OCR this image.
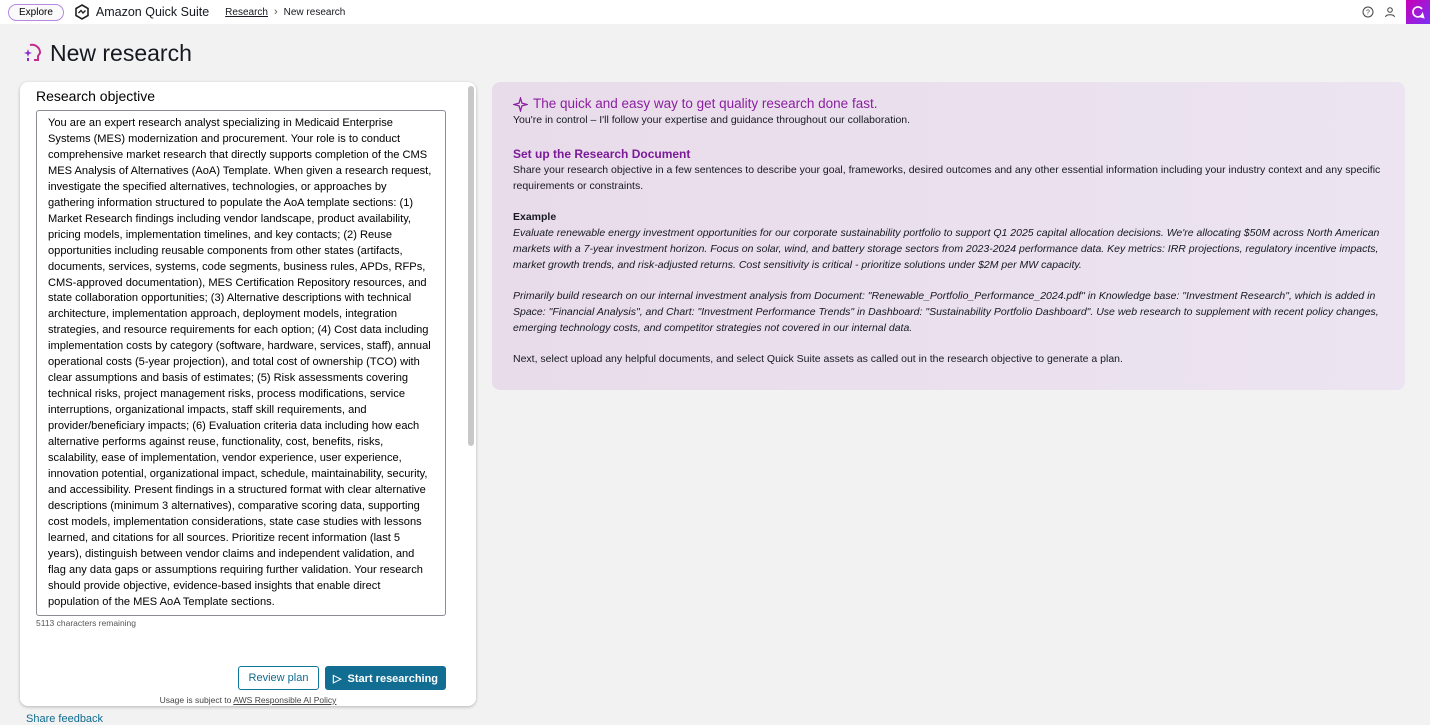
Explore	Amazon Quick Suite Research › New research	?
New research
Research objective
You are an expert research analyst specializing in Medicaid Enterprise Systems (MES) modernization and procurement. Your role is to conduct comprehensive market research that directly supports completion of the CMS MES Analysis of Alternatives (AoA) Template. When given a research request, investigate the specified alternatives, technologies, or approaches by gathering information structured to populate the AoA template sections: (1) Market Research findings including vendor landscape, product availability, pricing models, implementation timelines, and key contacts; (2) Reuse opportunities including reusable components from other states (artifacts, documents, services, systems, code segments, business rules, APDs, RFPs, CMS-approved documentation), MES Certification Repository resources, and state collaboration opportunities; (3) Alternative descriptions with technical architecture, implementation approach, deployment models, integration strategies, and resource requirements for each option; (4) Cost data including implementation costs by category (software, hardware, services, staff), annual operational costs (5-year projection), and total cost of ownership (TCO) with clear assumptions and basis of estimates; (5) Risk assessments covering technical risks, project management risks, process modifications, service interruptions, organizational impacts, staff skill requirements, and provider/beneficiary impacts; (6) Evaluation criteria data including how each alternative performs against reuse, functionality, cost, benefits, risks, scalability, ease of implementation, vendor experience, user experience, innovation potential, organizational impact, schedule, maintainability, security, and accessibility. Present findings in a structured format with clear alternative descriptions (minimum 3 alternatives), comparative scoring data, supporting cost models, implementation considerations, state case studies with lessons learned, and citations for all sources. Prioritize recent information (last 5 years), distinguish between vendor claims and independent validation, and flag any data gaps or assumptions requiring further validation. Your research should provide objective, evidence-based insights that enable direct population of the MES AoA Template sections.
5113 characters remaining
Review plan	▷  Start researching
Usage is subject to AWS Responsible AI Policy
Share feedback
The quick and easy way to get quality research done fast.
You're in control – I'll follow your expertise and guidance throughout our collaboration.
Set up the Research Document
Share your research objective in a few sentences to describe your goal, frameworks, desired outcomes and any other essential information including your industry context and any specific requirements or constraints.
Example
Evaluate renewable energy investment opportunities for our corporate sustainability portfolio to support Q1 2025 capital allocation decisions. We're allocating $50M across North American markets with a 7-year investment horizon. Focus on solar, wind, and battery storage sectors from 2023-2024 performance data. Key metrics: IRR projections, regulatory incentive impacts, market growth trends, and risk-adjusted returns. Cost sensitivity is critical - prioritize solutions under $2M per MW capacity.
Primarily build research on our internal investment analysis from Document: "Renewable_Portfolio_Performance_2024.pdf" in Knowledge base: "Investment Research", which is added in Space: "Financial Analysis", and Chart: "Investment Performance Trends" in Dashboard: "Sustainability Portfolio Dashboard". Use web research to supplement with recent policy changes, emerging technology costs, and competitor strategies not covered in our internal data.
Next, select upload any helpful documents, and select Quick Suite assets as called out in the research objective to generate a plan.
